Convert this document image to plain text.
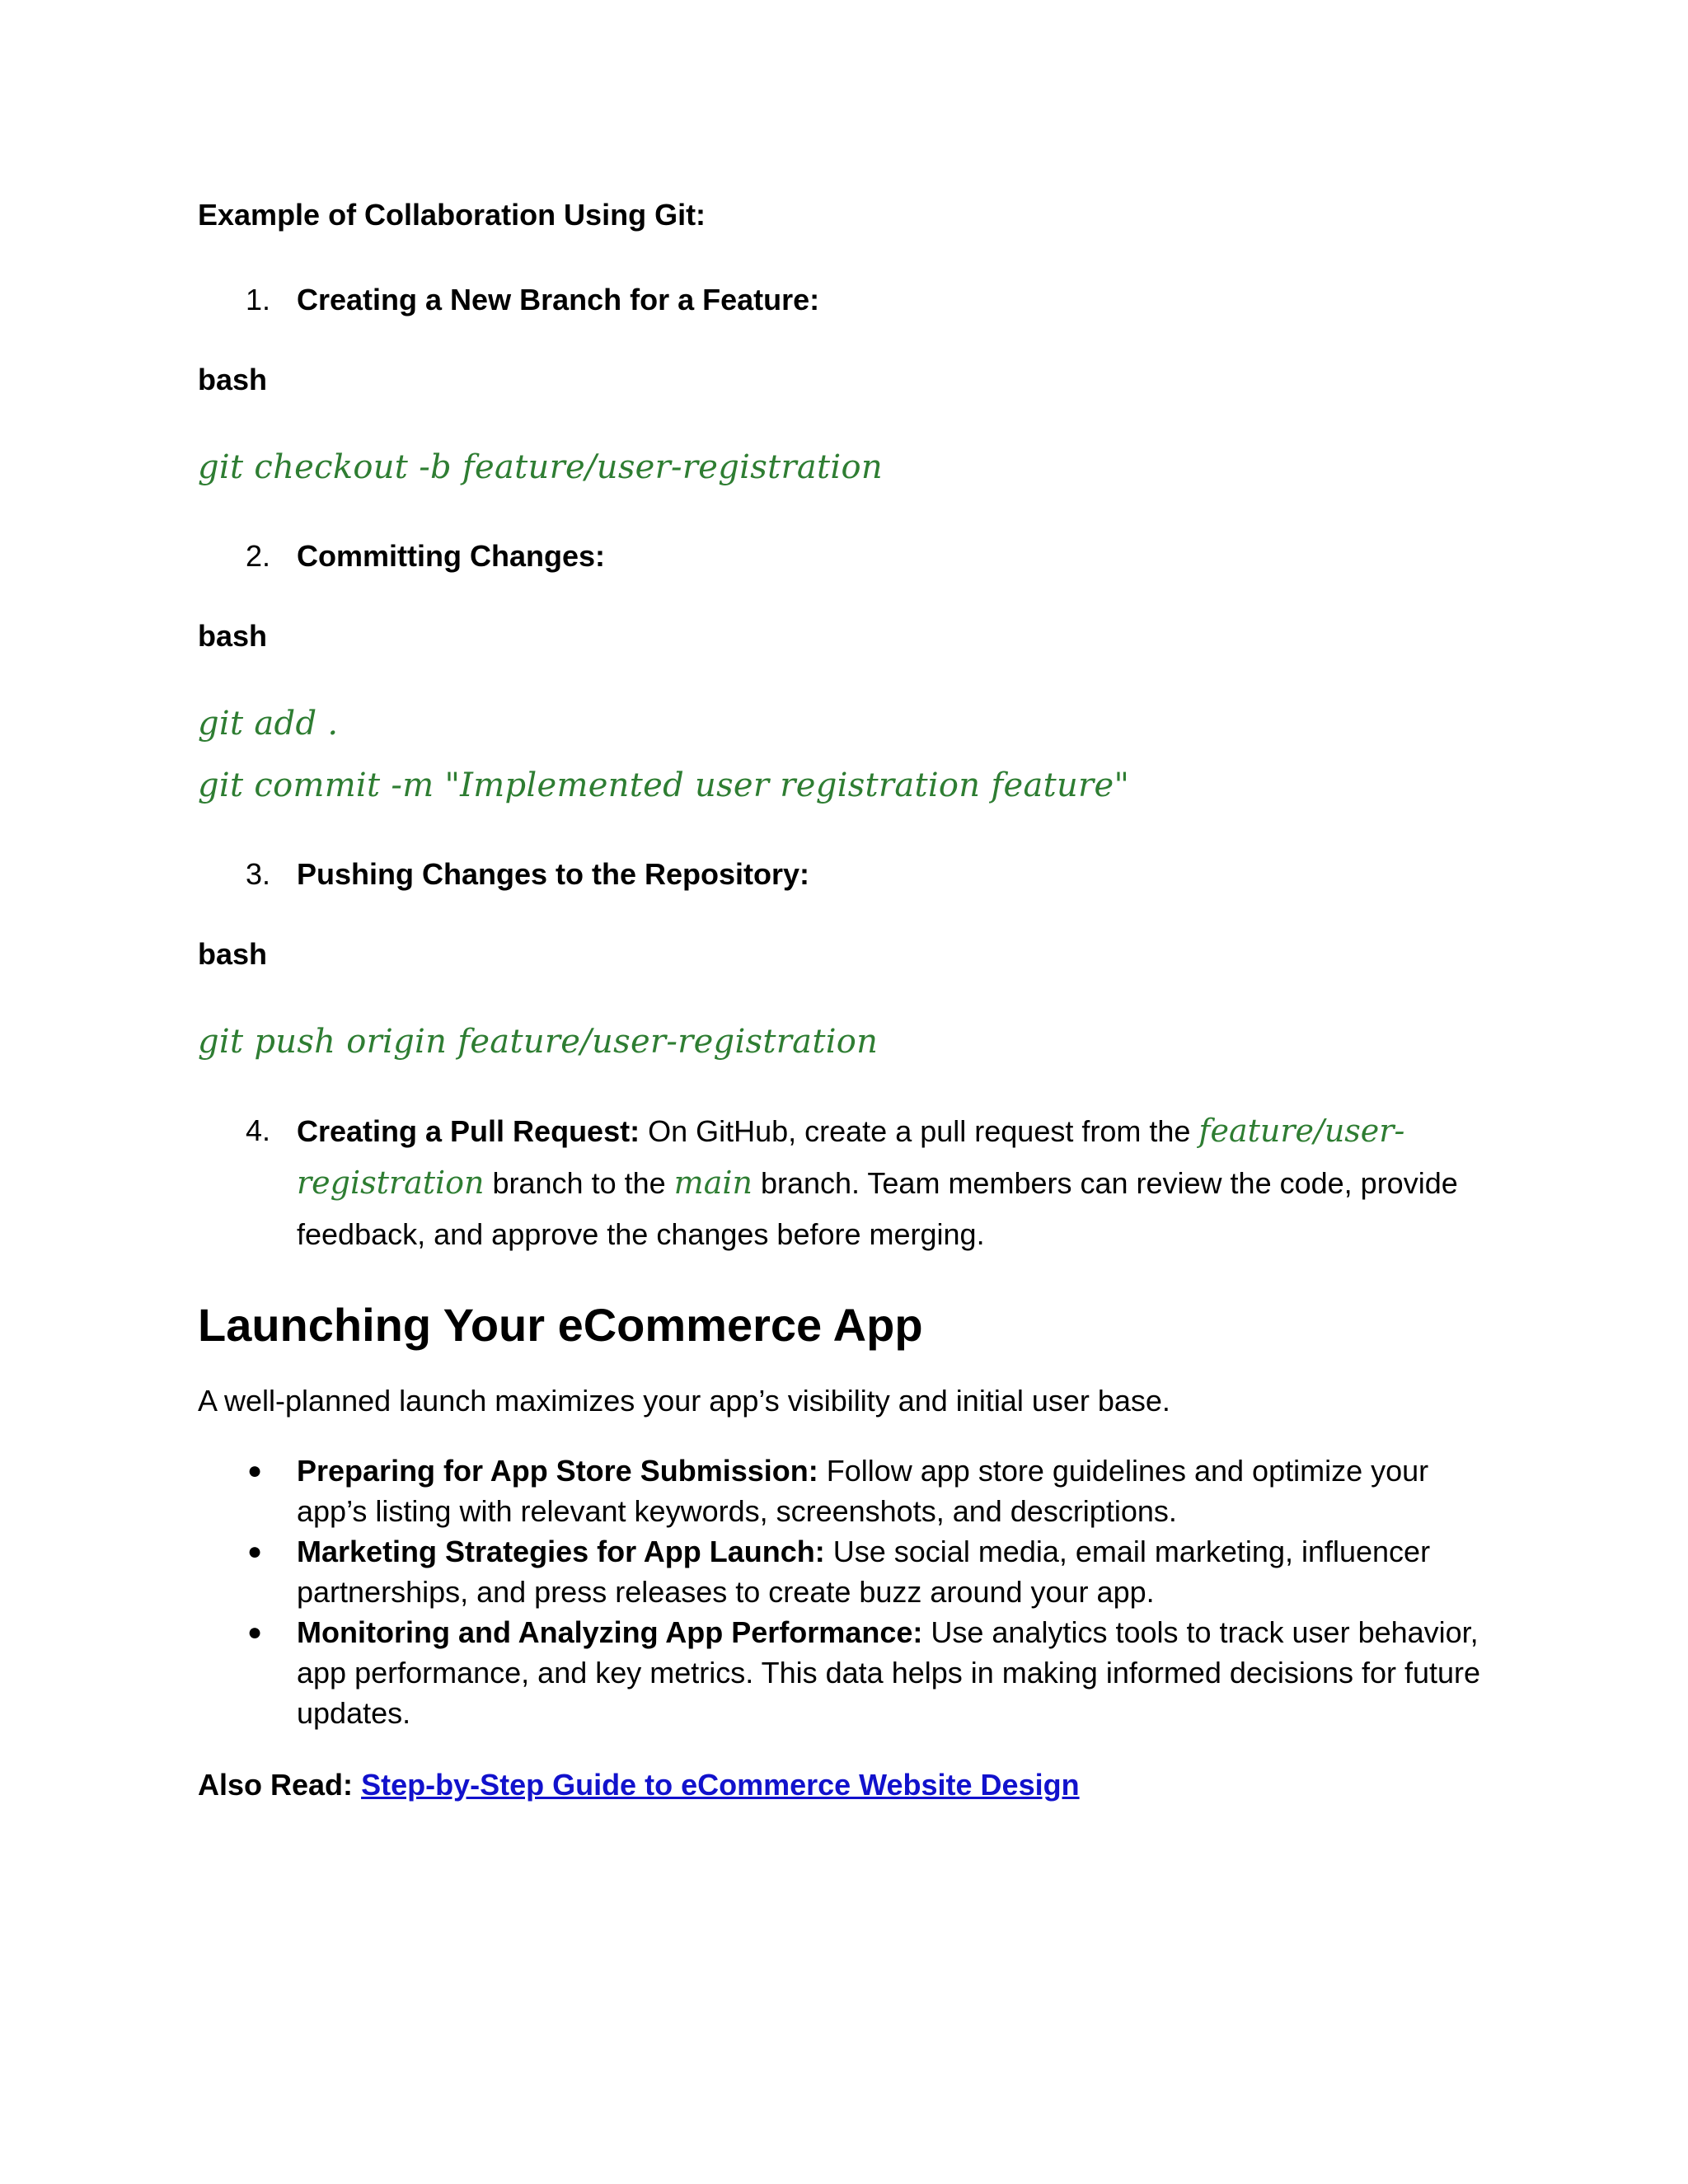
Example of Collaboration Using Git:
1. Creating a New Branch for a Feature:
bash
git checkout -b feature/user-registration
2. Committing Changes:
bash
git add .
git commit -m "Implemented user registration feature"
3. Pushing Changes to the Repository:
bash
git push origin feature/user-registration
4. Creating a Pull Request: On GitHub, create a pull request from the feature/user-registration branch to the main branch. Team members can review the code, provide feedback, and approve the changes before merging.
Launching Your eCommerce App
A well-planned launch maximizes your app’s visibility and initial user base.
● Preparing for App Store Submission: Follow app store guidelines and optimize your app’s listing with relevant keywords, screenshots, and descriptions.
● Marketing Strategies for App Launch: Use social media, email marketing, influencer partnerships, and press releases to create buzz around your app.
● Monitoring and Analyzing App Performance: Use analytics tools to track user behavior, app performance, and key metrics. This data helps in making informed decisions for future updates.
Also Read: Step-by-Step Guide to eCommerce Website Design
